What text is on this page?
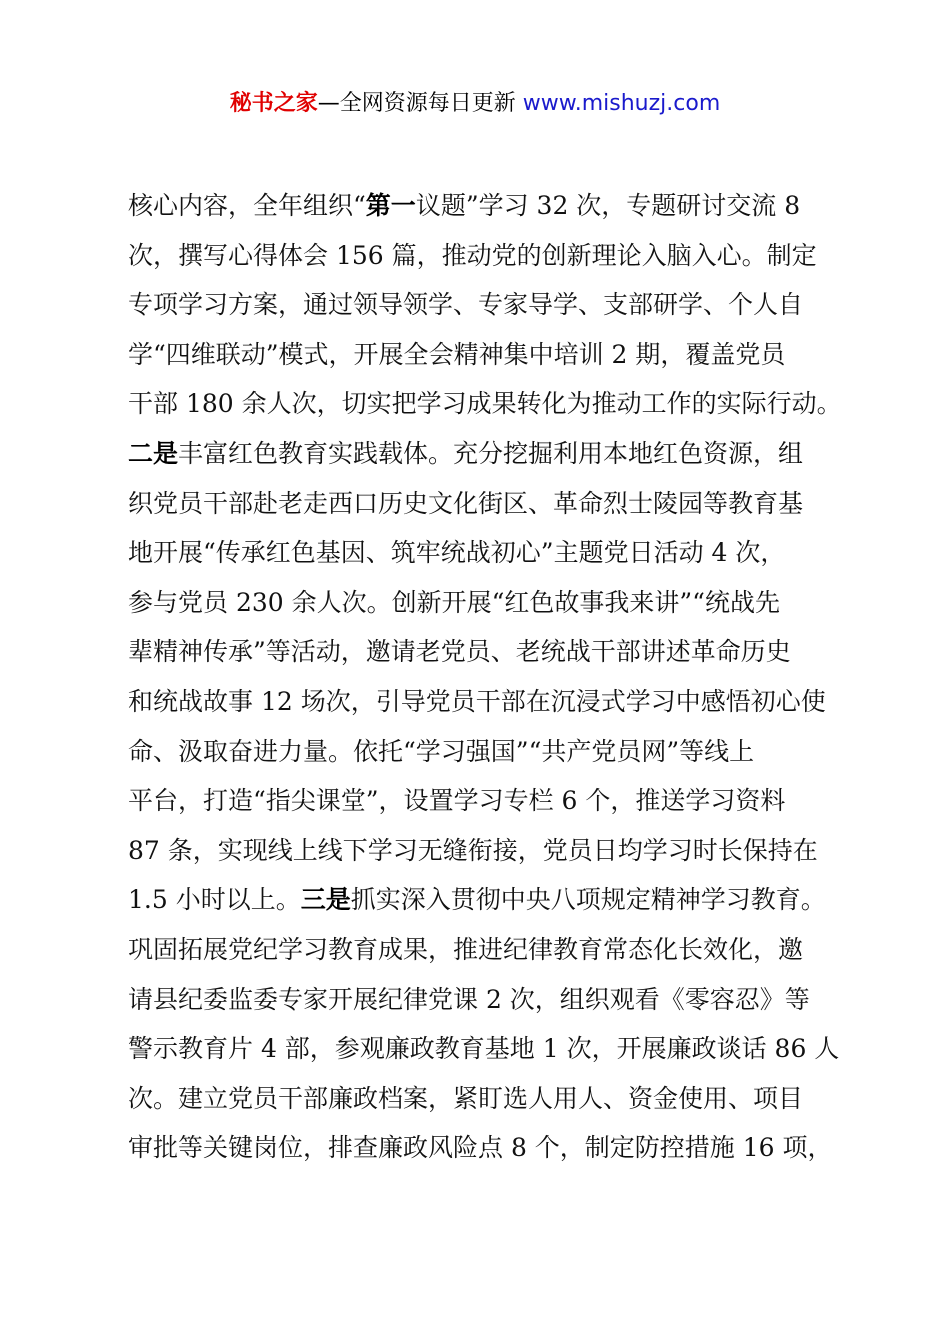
秘书之家—全网资源每日更新 www.mishuzj.com
核心内容，全年组织“第一议题”学习 32 次，专题研讨交流 8
次，撰写心得体会 156 篇，推动党的创新理论入脑入心。制定
专项学习方案，通过领导领学、专家导学、支部研学、个人自
学“四维联动”模式，开展全会精神集中培训 2 期，覆盖党员
干部 180 余人次，切实把学习成果转化为推动工作的实际行动。
二是丰富红色教育实践载体。充分挖掘利用本地红色资源，组
织党员干部赴老走西口历史文化街区、革命烈士陵园等教育基
地开展“传承红色基因、筑牢统战初心”主题党日活动 4 次，
参与党员 230 余人次。创新开展“红色故事我来讲”“统战先
辈精神传承”等活动，邀请老党员、老统战干部讲述革命历史
和统战故事 12 场次，引导党员干部在沉浸式学习中感悟初心使
命、汲取奋进力量。依托“学习强国”“共产党员网”等线上
平台，打造“指尖课堂”，设置学习专栏 6 个，推送学习资料
87 条，实现线上线下学习无缝衔接，党员日均学习时长保持在
1.5 小时以上。三是抓实深入贯彻中央八项规定精神学习教育。
巩固拓展党纪学习教育成果，推进纪律教育常态化长效化，邀
请县纪委监委专家开展纪律党课 2 次，组织观看《零容忍》等
警示教育片 4 部，参观廉政教育基地 1 次，开展廉政谈话 86 人
次。建立党员干部廉政档案，紧盯选人用人、资金使用、项目
审批等关键岗位，排查廉政风险点 8 个，制定防控措施 16 项，
